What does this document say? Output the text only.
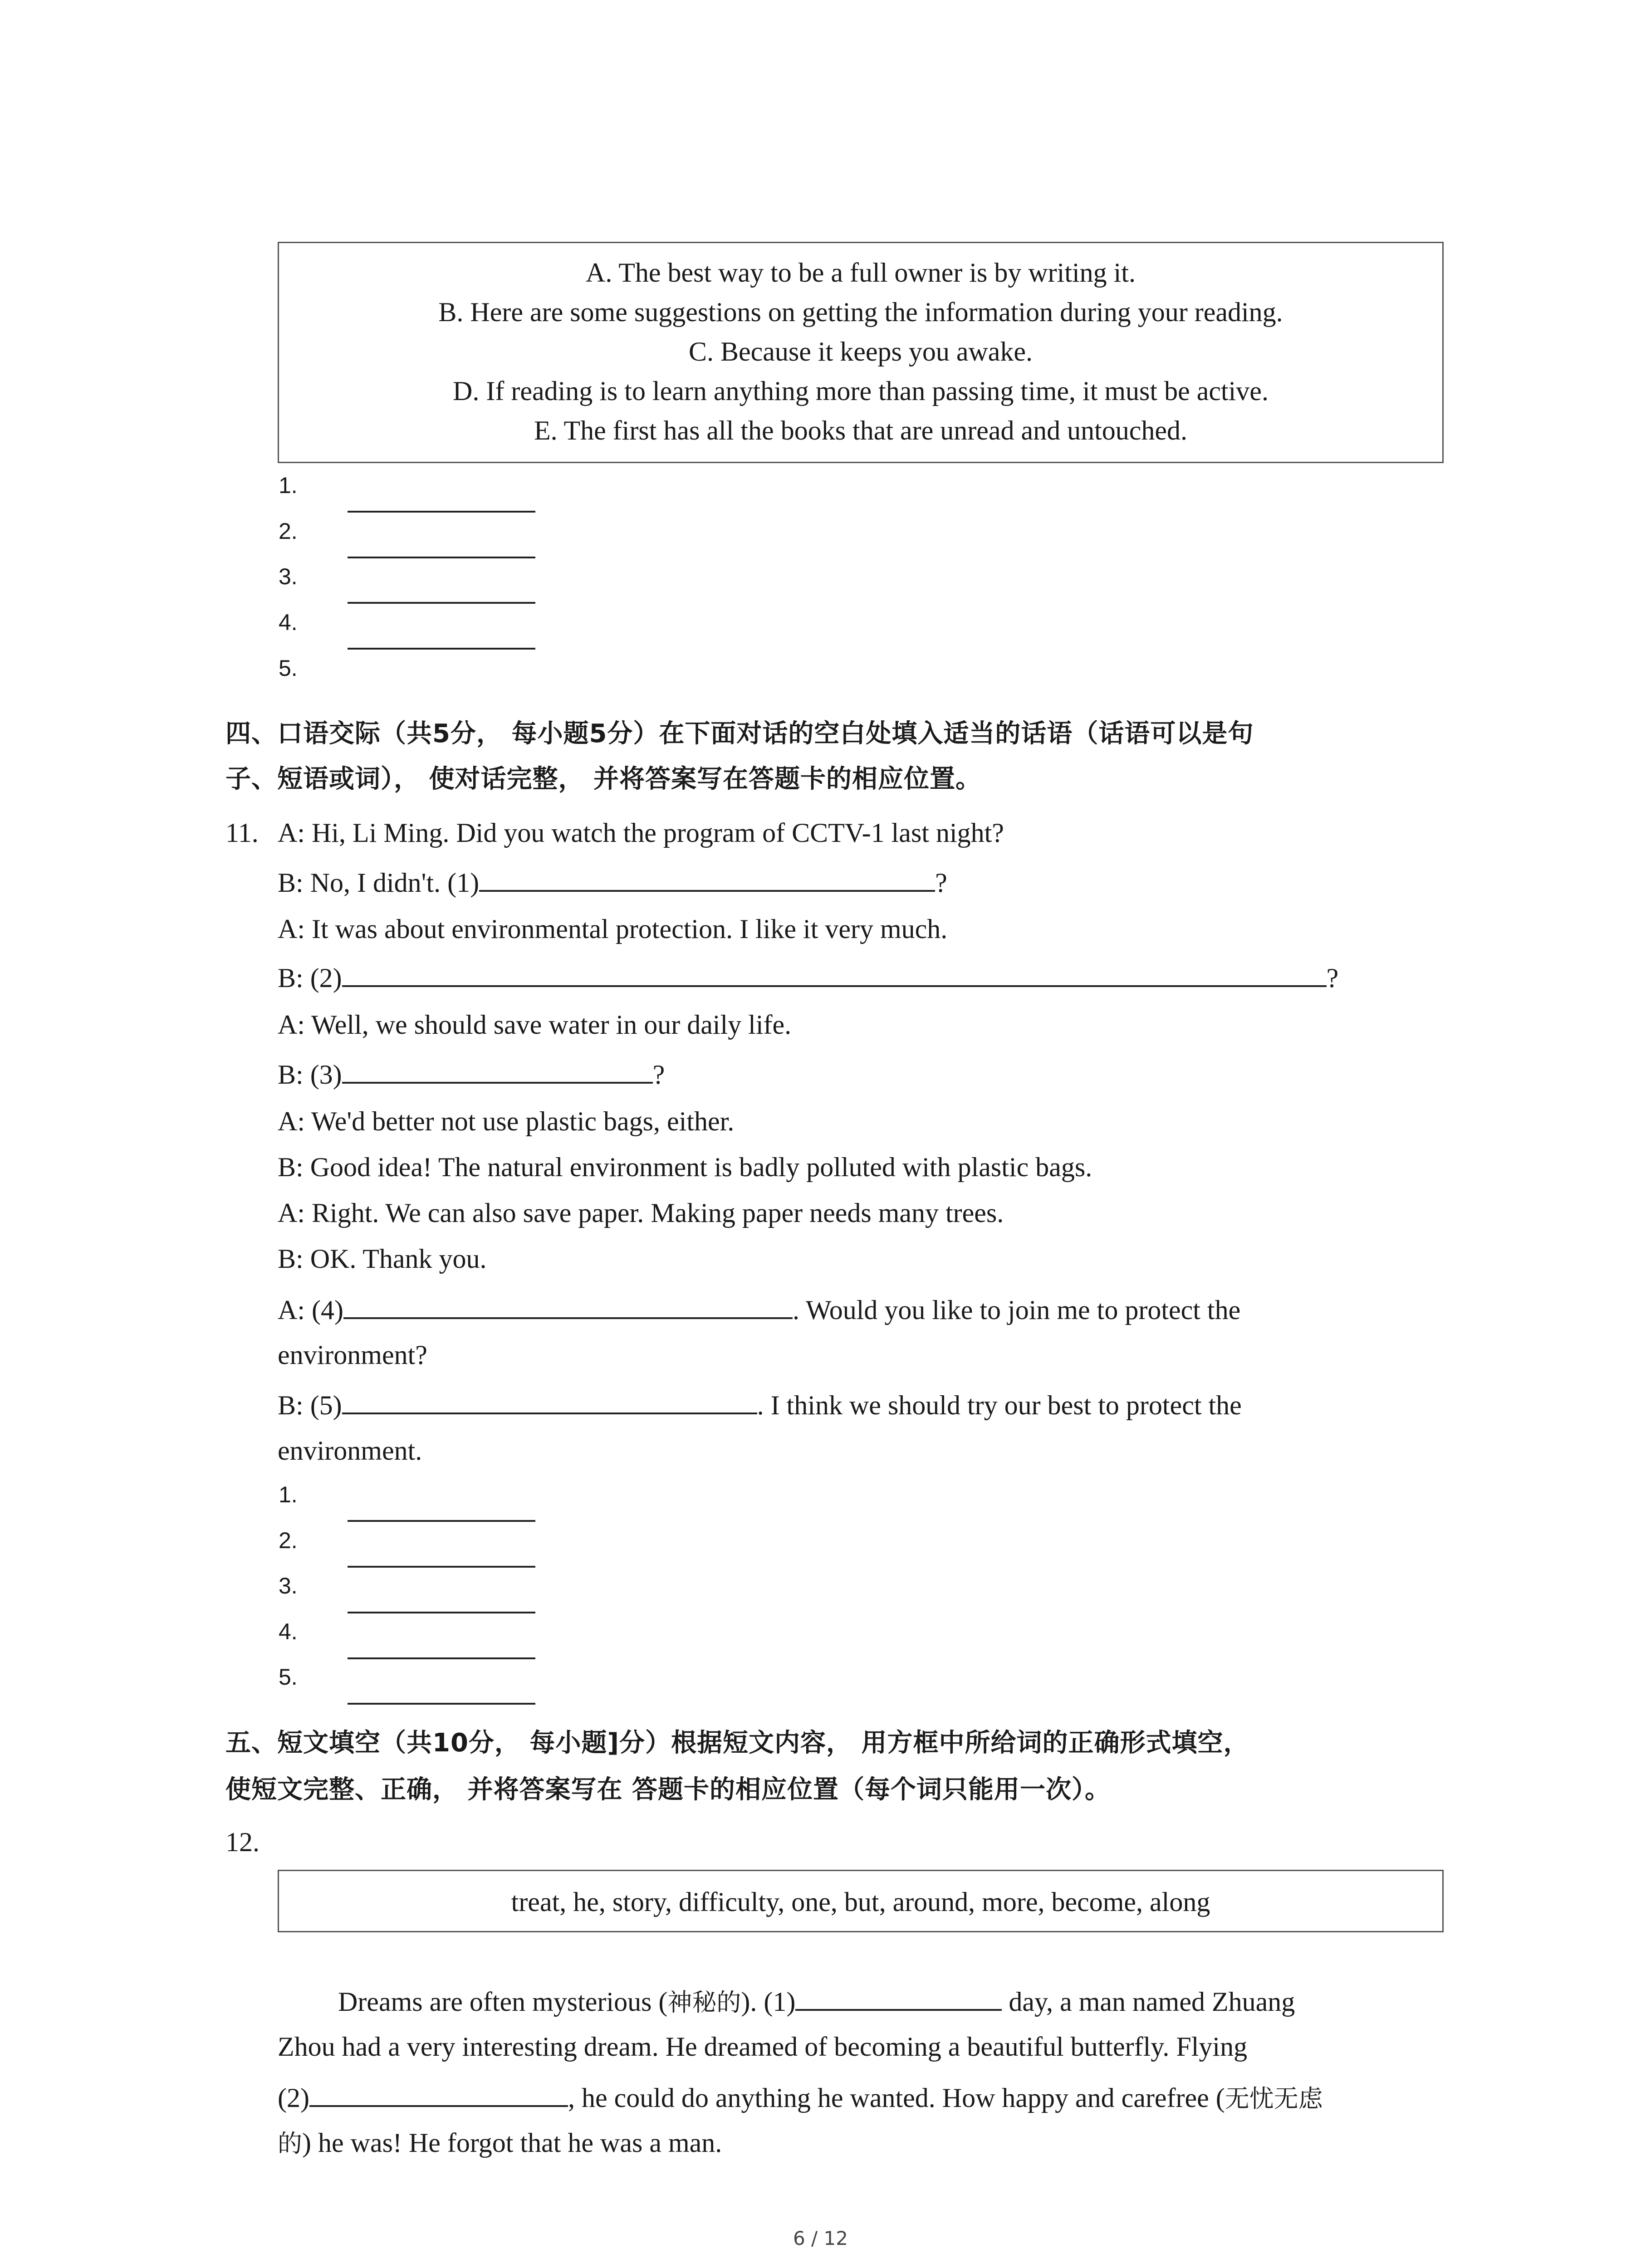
A. The best way to be a full owner is by writing it.
B. Here are some suggestions on getting the information during your reading.
C. Because it keeps you awake.
D. If reading is to learn anything more than passing time, it must be active.
E. The first has all the books that are unread and untouched.
1.
2.
3.
4.
5.
四、口语交际（共5分， 每小题5分）在下面对话的空白处填入适当的话语（话语可以是句
子、短语或词）， 使对话完整， 并将答案写在答题卡的相应位置。
11. A: Hi, Li Ming. Did you watch the program of CCTV-1 last night?
B: No, I didn't. (1)	?
A: It was about environmental protection. I like it very much.
B: (2)	?
A: Well, we should save water in our daily life.
B: (3)	?
A: We'd better not use plastic bags, either.
B: Good idea! The natural environment is badly polluted with plastic bags.
A: Right. We can also save paper. Making paper needs many trees.
B: OK. Thank you.
A: (4)	. Would you like to join me to protect the
environment?
B: (5)	. I think we should try our best to protect the
environment.
1.
2.
3.
4.
5.
五、短文填空（共10分， 每小题]分）根据短文内容， 用方框中所给词的正确形式填空，
使短文完整、正确， 并将答案写在 答题卡的相应位置（每个词只能用一次）。
12.
treat, he, story, difficulty, one, but, around, more, become, along
Dreams are often mysterious (神秘的). (1)	day, a man named Zhuang
Zhou had a very interesting dream. He dreamed of becoming a beautiful butterfly. Flying
(2)	, he could do anything he wanted. How happy and carefree (无忧无虑
的) he was! He forgot that he was a man.
6 / 12
